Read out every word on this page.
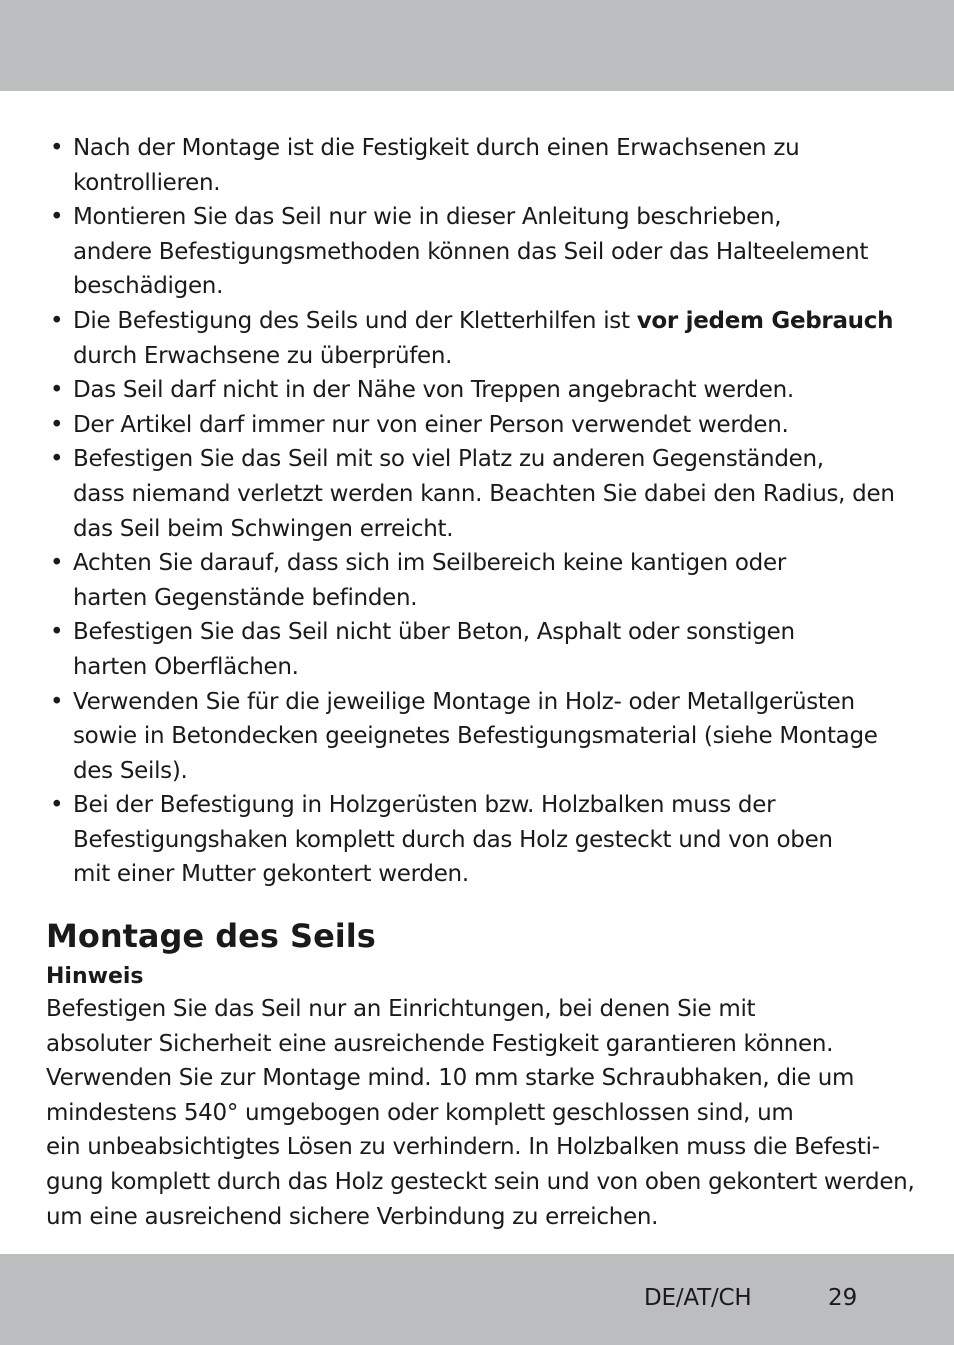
• Nach der Montage ist die Festigkeit durch einen Erwachsenen zu
kontrollieren.
• Montieren Sie das Seil nur wie in dieser Anleitung beschrieben,
andere Befestigungsmethoden können das Seil oder das Halteelement
beschädigen.
• Die Befestigung des Seils und der Kletterhilfen ist vor jedem Gebrauch
durch Erwachsene zu überprüfen.
• Das Seil darf nicht in der Nähe von Treppen angebracht werden.
• Der Artikel darf immer nur von einer Person verwendet werden.
• Befestigen Sie das Seil mit so viel Platz zu anderen Gegenständen,
dass niemand verletzt werden kann. Beachten Sie dabei den Radius, den
das Seil beim Schwingen erreicht.
• Achten Sie darauf, dass sich im Seilbereich keine kantigen oder
harten Gegenstände befinden.
• Befestigen Sie das Seil nicht über Beton, Asphalt oder sonstigen
harten Oberflächen.
• Verwenden Sie für die jeweilige Montage in Holz- oder Metallgerüsten
sowie in Betondecken geeignetes Befestigungsmaterial (siehe Montage
des Seils).
• Bei der Befestigung in Holzgerüsten bzw. Holzbalken muss der
Befestigungshaken komplett durch das Holz gesteckt und von oben
mit einer Mutter gekontert werden.
Montage des Seils
Hinweis
Befestigen Sie das Seil nur an Einrichtungen, bei denen Sie mit
absoluter Sicherheit eine ausreichende Festigkeit garantieren können.
Verwenden Sie zur Montage mind. 10 mm starke Schraubhaken, die um
mindestens 540° umgebogen oder komplett geschlossen sind, um
ein unbeabsichtigtes Lösen zu verhindern. In Holzbalken muss die Befesti-
gung komplett durch das Holz gesteckt sein und von oben gekontert werden,
um eine ausreichend sichere Verbindung zu erreichen.
DE/AT/CH	29
